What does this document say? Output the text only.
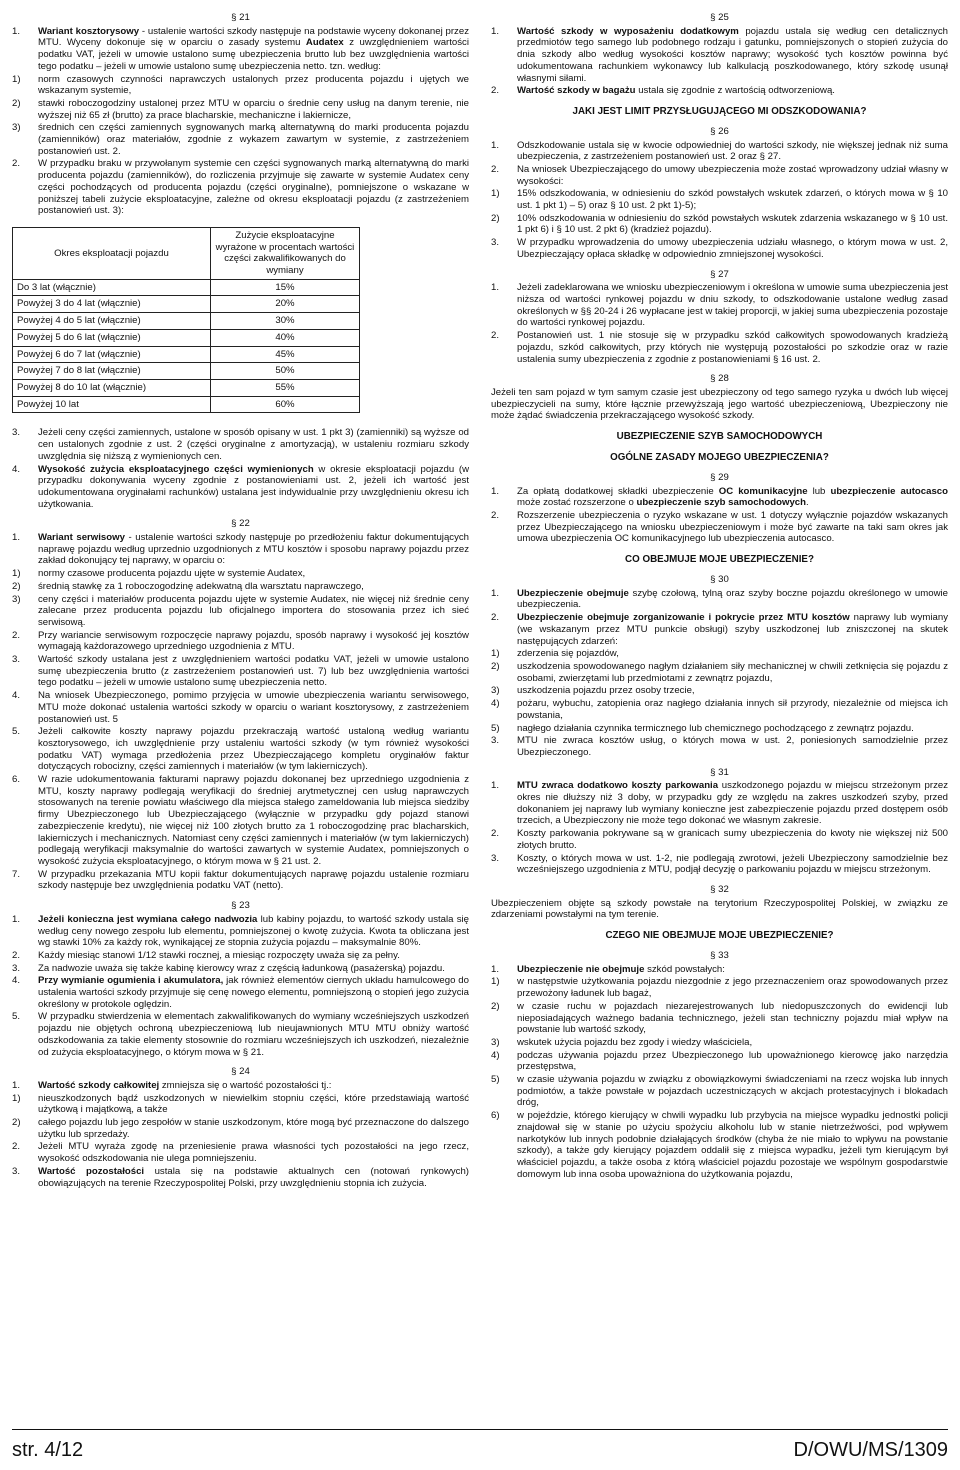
§ 21
1.	Wariant kosztorysowy - ustalenie wartości szkody następuje na podstawie wyceny dokonanej przez MTU. Wyceny dokonuje się w oparciu o zasady systemu Audatex z uwzględnieniem wartości podatku VAT, jeżeli w umowie ustalono sumę ubezpieczenia brutto lub bez uwzględnienia wartości tego podatku – jeżeli w umowie ustalono sumę ubezpieczenia netto. tzn. według:
1)	norm czasowych czynności naprawczych ustalonych przez producenta pojazdu i ujętych we wskazanym systemie,
2)	stawki roboczogodziny ustalonej przez MTU w oparciu o średnie ceny usług na danym terenie, nie wyższej niż 65 zł (brutto) za prace blacharskie, mechaniczne i lakiernicze,
3)	średnich cen części zamiennych sygnowanych marką alternatywną do marki producenta pojazdu (zamienników) oraz materiałów, zgodnie z wykazem zawartym w systemie, z zastrzeżeniem postanowień ust. 2.
2.	W przypadku braku w przywołanym systemie cen części sygnowanych marką alternatywną do marki producenta pojazdu (zamienników), do rozliczenia przyjmuje się zawarte w systemie Audatex ceny części pochodzących od producenta pojazdu (części oryginalne), pomniejszone o wskazane w poniższej tabeli zużycie eksploatacyjne, zależne od okresu eksploatacji pojazdu (z zastrzeżeniem postanowień ust. 3):
Okres eksploatacji pojazdu	Zużycie eksploatacyjne wyrażone w procentach wartości części zakwalifikowanych do wymiany
Do 3 lat (włącznie)	15%
Powyżej 3 do 4 lat (włącznie)	20%
Powyżej 4 do 5 lat (włącznie)	30%
Powyżej 5 do 6 lat (włącznie)	40%
Powyżej 6 do 7 lat (włącznie)	45%
Powyżej 7 do 8 lat (włącznie)	50%
Powyżej 8 do 10 lat (włącznie)	55%
Powyżej 10 lat	60%
3.	Jeżeli ceny części zamiennych, ustalone w sposób opisany w ust. 1 pkt 3) (zamienniki) są wyższe od cen ustalonych zgodnie z ust. 2 (części oryginalne z amortyzacją), w ustaleniu rozmiaru szkody uwzględnia się niższą z wymienionych cen.
4.	Wysokość zużycia eksploatacyjnego części wymienionych w okresie eksploatacji pojazdu (w przypadku dokonywania wyceny zgodnie z postanowieniami ust. 2, jeżeli ich wartość jest udokumentowana oryginałami rachunków) ustalana jest indywidualnie przy uwzględnieniu okresu ich użytkowania.
§ 22
1.	Wariant serwisowy - ustalenie wartości szkody następuje po przedłożeniu faktur dokumentujących naprawę pojazdu według uprzednio uzgodnionych z MTU kosztów i sposobu naprawy pojazdu przez zakład dokonujący tej naprawy, w oparciu o:
1)	normy czasowe producenta pojazdu ujęte w systemie Audatex,
2)	średnią stawkę za 1 roboczogodzinę adekwatną dla warsztatu naprawczego,
3)	ceny części i materiałów producenta pojazdu ujęte w systemie Audatex, nie więcej niż średnie ceny zalecane przez producenta pojazdu lub oficjalnego importera do stosowania przez ich sieć serwisową.
2.	Przy wariancie serwisowym rozpoczęcie naprawy pojazdu, sposób naprawy i wysokość jej kosztów wymagają każdorazowego uprzedniego uzgodnienia z MTU.
3.	Wartość szkody ustalana jest z uwzględnieniem wartości podatku VAT, jeżeli w umowie ustalono sumę ubezpieczenia brutto (z zastrzeżeniem postanowień ust. 7) lub bez uwzględnienia wartości tego podatku – jeżeli w umowie ustalono sumę ubezpieczenia netto.
4.	Na wniosek Ubezpieczonego, pomimo przyjęcia w umowie ubezpieczenia wariantu serwisowego, MTU może dokonać ustalenia wartości szkody w oparciu o wariant kosztorysowy, z zastrzeżeniem postanowień ust. 5
5.	Jeżeli całkowite koszty naprawy pojazdu przekraczają wartość ustaloną według wariantu kosztorysowego, ich uwzględnienie przy ustaleniu wartości szkody (w tym również wysokości podatku VAT) wymaga przedłożenia przez Ubezpieczającego kompletu oryginałów faktur dotyczących robocizny, części zamiennych i materiałów (w tym lakierniczych).
6.	W razie udokumentowania fakturami naprawy pojazdu dokonanej bez uprzedniego uzgodnienia z MTU, koszty naprawy podlegają weryfikacji do średniej arytmetycznej cen usług naprawczych stosowanych na terenie powiatu właściwego dla miejsca stałego zameldowania lub miejsca siedziby firmy Ubezpieczonego lub Ubezpieczającego (wyłącznie w przypadku gdy pojazd stanowi zabezpieczenie kredytu), nie więcej niż 100 złotych brutto za 1 roboczogodzinę prac blacharskich, lakierniczych i mechanicznych. Natomiast ceny części zamiennych i materiałów (w tym lakierniczych) podlegają weryfikacji maksymalnie do wartości zawartych w systemie Audatex, pomniejszonych o wysokość zużycia eksploatacyjnego, o którym mowa w § 21 ust. 2.
7.	W przypadku przekazania MTU kopii faktur dokumentujących naprawę pojazdu ustalenie rozmiaru szkody następuje bez uwzględnienia podatku VAT (netto).
§ 23
1.	Jeżeli konieczna jest wymiana całego nadwozia lub kabiny pojazdu, to wartość szkody ustala się według ceny nowego zespołu lub elementu, pomniejszonej o kwotę zużycia. Kwota ta obliczana jest wg stawki 10% za każdy rok, wynikającej ze stopnia zużycia pojazdu – maksymalnie 80%.
2.	Każdy miesiąc stanowi 1/12 stawki rocznej, a miesiąc rozpoczęty uważa się za pełny.
3.	Za nadwozie uważa się także kabinę kierowcy wraz z częścią ładunkową (pasażerską) pojazdu.
4.	Przy wymianie ogumienia i akumulatora, jak również elementów ciernych układu hamulcowego do ustalenia wartości szkody przyjmuje się cenę nowego elementu, pomniejszoną o stopień jego zużycia określony w protokole oględzin.
5.	W przypadku stwierdzenia w elementach zakwalifikowanych do wymiany wcześniejszych uszkodzeń pojazdu nie objętych ochroną ubezpieczeniową lub nieujawnionych MTU MTU obniży wartość odszkodowania za takie elementy stosownie do rozmiaru wcześniejszych ich uszkodzeń, niezależnie od zużycia eksploatacyjnego, o którym mowa w § 21.
§ 24
1.	Wartość szkody całkowitej zmniejsza się o wartość pozostałości tj.:
1)	nieuszkodzonych bądź uszkodzonych w niewielkim stopniu części, które przedstawiają wartość użytkową i majątkową, a także
2)	całego pojazdu lub jego zespołów w stanie uszkodzonym, które mogą być przeznaczone do dalszego użytku lub sprzedaży.
2.	Jeżeli MTU wyraża zgodę na przeniesienie prawa własności tych pozostałości na jego rzecz, wysokość odszkodowania nie ulega pomniejszeniu.
3.	Wartość pozostałości ustala się na podstawie aktualnych cen (notowań rynkowych) obowiązujących na terenie Rzeczypospolitej Polski, przy uwzględnieniu stopnia ich zużycia.
§ 25
1.	Wartość szkody w wyposażeniu dodatkowym pojazdu ustala się według cen detalicznych przedmiotów tego samego lub podobnego rodzaju i gatunku, pomniejszonych o stopień zużycia do dnia szkody albo według wysokości kosztów naprawy; wysokość tych kosztów powinna być udokumentowana rachunkiem wykonawcy lub kalkulacją poszkodowanego, który szkodę usunął własnymi siłami.
2.	Wartość szkody w bagażu ustala się zgodnie z wartością odtworzeniową.
JAKI JEST LIMIT PRZYSŁUGUJĄCEGO MI ODSZKODOWANIA?
§ 26
1.	Odszkodowanie ustala się w kwocie odpowiedniej do wartości szkody, nie większej jednak niż suma ubezpieczenia, z zastrzeżeniem postanowień ust. 2 oraz § 27.
2.	Na wniosek Ubezpieczającego do umowy ubezpieczenia może zostać wprowadzony udział własny w wysokości:
1)	15% odszkodowania, w odniesieniu do szkód powstałych wskutek zdarzeń, o których mowa w § 10 ust. 1 pkt 1) – 5) oraz § 10 ust. 2 pkt 1)-5);
2)	10% odszkodowania w odniesieniu do szkód powstałych wskutek zdarzenia wskazanego w § 10 ust. 1 pkt 6) i § 10 ust. 2 pkt 6) (kradzież pojazdu).
3.	W przypadku wprowadzenia do umowy ubezpieczenia udziału własnego, o którym mowa w ust. 2, Ubezpieczający opłaca składkę w odpowiednio zmniejszonej wysokości.
§ 27
1.	Jeżeli zadeklarowana we wniosku ubezpieczeniowym i określona w umowie suma ubezpieczenia jest niższa od wartości rynkowej pojazdu w dniu szkody, to odszkodowanie ustalone według zasad określonych w §§ 20-24 i 26 wypłacane jest w takiej proporcji, w jakiej suma ubezpieczenia pozostaje do wartości rynkowej pojazdu.
2.	Postanowień ust. 1 nie stosuje się w przypadku szkód całkowitych spowodowanych kradzieżą pojazdu, szkód całkowitych, przy których nie występują pozostałości po szkodzie oraz w razie ustalenia sumy ubezpieczenia z zgodnie z postanowieniami § 16 ust. 2.
§ 28
Jeżeli ten sam pojazd w tym samym czasie jest ubezpieczony od tego samego ryzyka u dwóch lub więcej ubezpieczycieli na sumy, które łącznie przewyższają jego wartość ubezpieczeniową, Ubezpieczony nie może żądać świadczenia przekraczającego wysokość szkody.
UBEZPIECZENIE SZYB SAMOCHODOWYCH
OGÓLNE ZASADY MOJEGO UBEZPIECZENIA?
§ 29
1.	Za opłatą dodatkowej składki ubezpieczenie OC komunikacyjne lub ubezpieczenie autocasco może zostać rozszerzone o ubezpieczenie szyb samochodowych.
2.	Rozszerzenie ubezpieczenia o ryzyko wskazane w ust. 1 dotyczy wyłącznie pojazdów wskazanych przez Ubezpieczającego na wniosku ubezpieczeniowym i może być zawarte na taki sam okres jak umowa ubezpieczenia OC komunikacyjnego lub ubezpieczenia autocasco.
CO OBEJMUJE MOJE UBEZPIECZENIE?
§ 30
1.	Ubezpieczenie obejmuje szybę czołową, tylną oraz szyby boczne pojazdu określonego w umowie ubezpieczenia.
2.	Ubezpieczenie obejmuje zorganizowanie i pokrycie przez MTU kosztów naprawy lub wymiany (we wskazanym przez MTU punkcie obsługi) szyby uszkodzonej lub zniszczonej na skutek następujących zdarzeń:
1)	zderzenia się pojazdów,
2)	uszkodzenia spowodowanego nagłym działaniem siły mechanicznej w chwili zetknięcia się pojazdu z osobami, zwierzętami lub przedmiotami z zewnątrz pojazdu,
3)	uszkodzenia pojazdu przez osoby trzecie,
4)	pożaru, wybuchu, zatopienia oraz nagłego działania innych sił przyrody, niezależnie od miejsca ich powstania,
5)	nagłego działania czynnika termicznego lub chemicznego pochodzącego z zewnątrz pojazdu.
3.	MTU nie zwraca kosztów usług, o których mowa w ust. 2, poniesionych samodzielnie przez Ubezpieczonego.
§ 31
1.	MTU zwraca dodatkowo koszty parkowania uszkodzonego pojazdu w miejscu strzeżonym przez okres nie dłuższy niż 3 doby, w przypadku gdy ze względu na zakres uszkodzeń szyby, przed dokonaniem jej naprawy lub wymiany konieczne jest zabezpieczenie pojazdu przed dostępem osób trzecich, a Ubezpieczony nie może tego dokonać we własnym zakresie.
2.	Koszty parkowania pokrywane są w granicach sumy ubezpieczenia do kwoty nie większej niż 500 złotych brutto.
3.	Koszty, o których mowa w ust. 1-2, nie podlegają zwrotowi, jeżeli Ubezpieczony samodzielnie bez wcześniejszego uzgodnienia z MTU, podjął decyzję o parkowaniu pojazdu w miejscu strzeżonym.
§ 32
Ubezpieczeniem objęte są szkody powstałe na terytorium Rzeczypospolitej Polskiej, w związku ze zdarzeniami powstałymi na tym terenie.
CZEGO NIE OBEJMUJE MOJE UBEZPIECZENIE?
§ 33
1.	Ubezpieczenie nie obejmuje szkód powstałych:
1)	w następstwie użytkowania pojazdu niezgodnie z jego przeznaczeniem oraz spowodowanych przez przewożony ładunek lub bagaż,
2)	w czasie ruchu w pojazdach niezarejestrowanych lub niedopuszczonych do ewidencji lub nieposiadających ważnego badania technicznego, jeżeli stan techniczny pojazdu miał wpływ na powstanie lub wartość szkody,
3)	wskutek użycia pojazdu bez zgody i wiedzy właściciela,
4)	podczas używania pojazdu przez Ubezpieczonego lub upoważnionego kierowcę jako narzędzia przestępstwa,
5)	w czasie używania pojazdu w związku z obowiązkowymi świadczeniami na rzecz wojska lub innych podmiotów, a także powstałe w pojazdach uczestniczących w akcjach protestacyjnych i blokadach dróg,
6)	w pojeździe, którego kierujący w chwili wypadku lub przybycia na miejsce wypadku jednostki policji znajdował się w stanie po użyciu spożyciu alkoholu lub w stanie nietrzeźwości, pod wpływem narkotyków lub innych podobnie działających środków (chyba że nie miało to wpływu na powstanie szkody), a także gdy kierujący pojazdem oddalił się z miejsca wypadku, jeżeli tym kierującym był właściciel pojazdu, a także osoba z którą właściciel pojazdu pozostaje we wspólnym gospodarstwie domowym lub inna osoba upoważniona do użytkowania pojazdu,
str. 4/12	D/OWU/MS/1309
